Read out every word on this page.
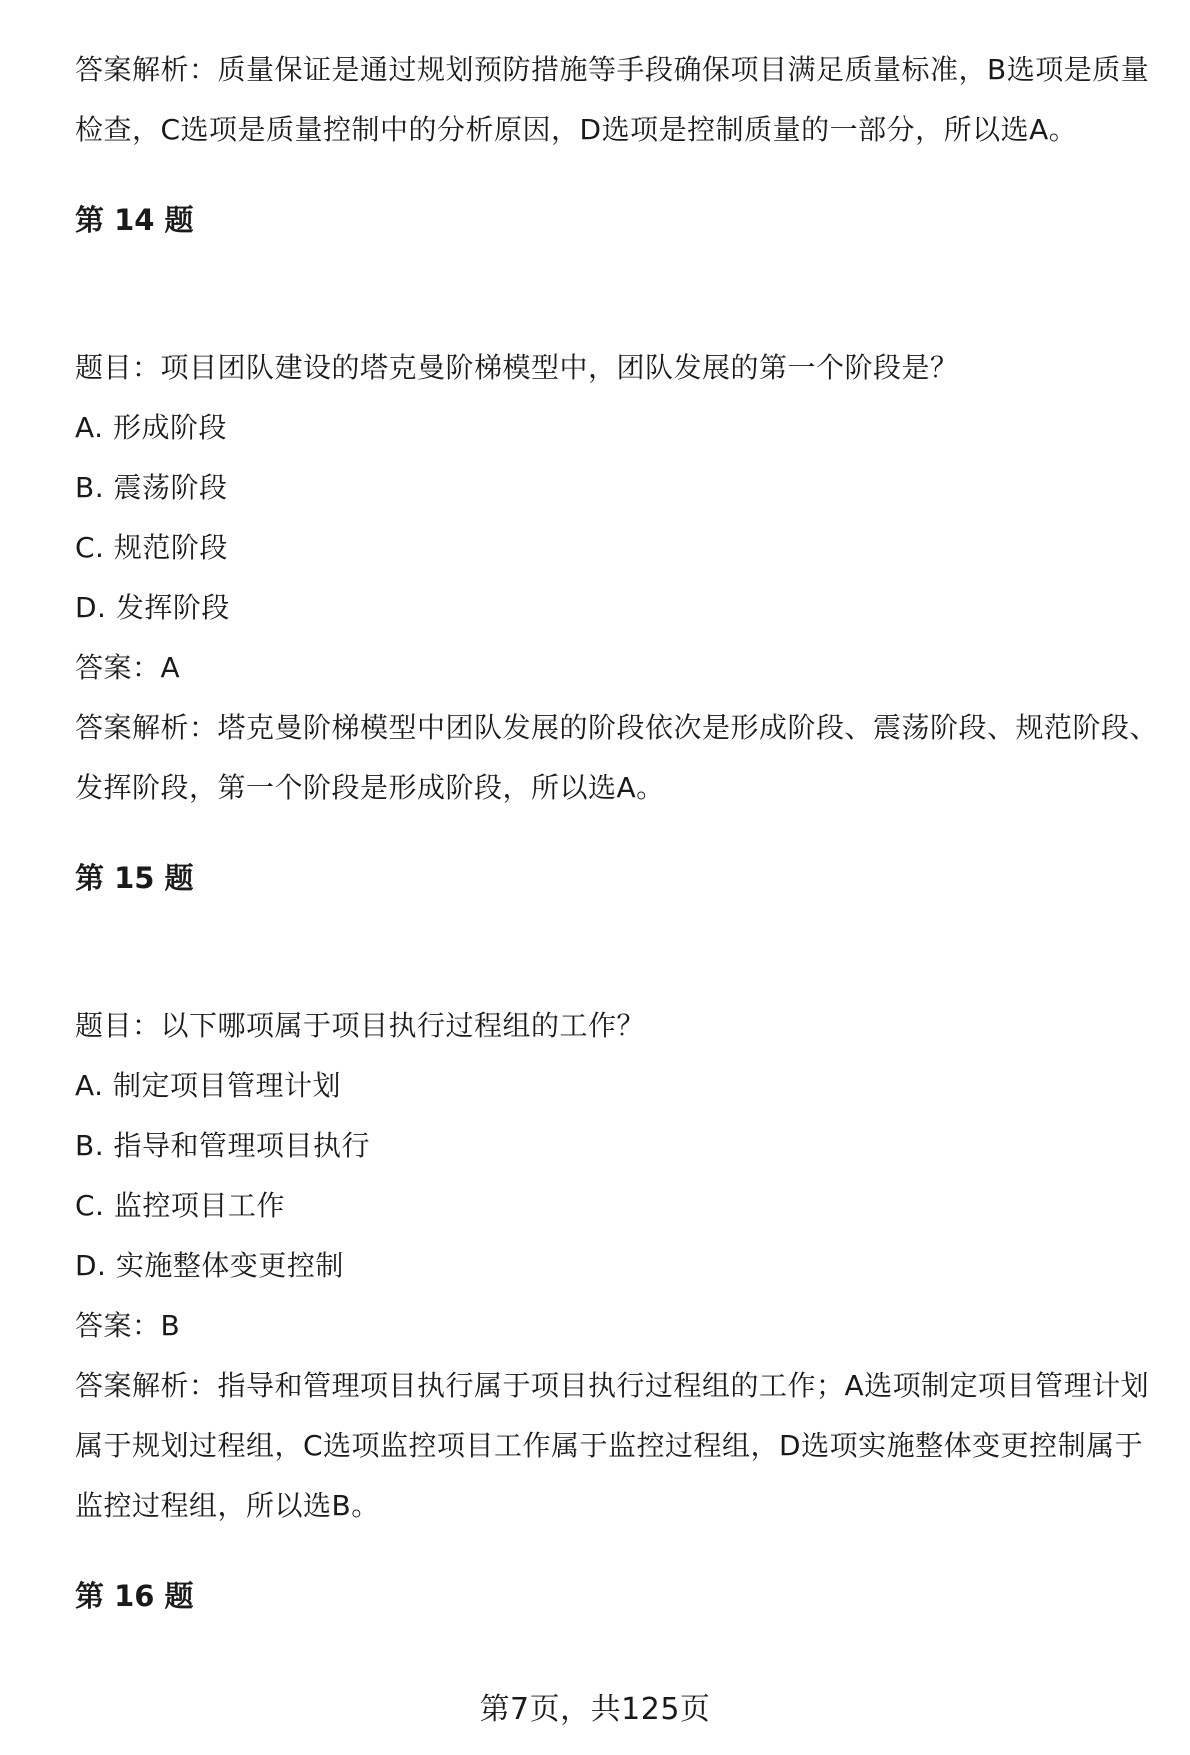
答案解析：质量保证是通过规划预防措施等手段确保项目满足质量标准，B选项是质量检查，C选项是质量控制中的分析原因，D选项是控制质量的一部分，所以选A。

第 14 题

题目：项目团队建设的塔克曼阶梯模型中，团队发展的第一个阶段是？

A. 形成阶段

B. 震荡阶段

C. 规范阶段

D. 发挥阶段

答案：A

答案解析：塔克曼阶梯模型中团队发展的阶段依次是形成阶段、震荡阶段、规范阶段、发挥阶段，第一个阶段是形成阶段，所以选A。

第 15 题

题目：以下哪项属于项目执行过程组的工作？

A. 制定项目管理计划

B. 指导和管理项目执行

C. 监控项目工作

D. 实施整体变更控制

答案：B

答案解析：指导和管理项目执行属于项目执行过程组的工作；A选项制定项目管理计划属于规划过程组，C选项监控项目工作属于监控过程组，D选项实施整体变更控制属于监控过程组，所以选B。

第 16 题
第7页，共125页
